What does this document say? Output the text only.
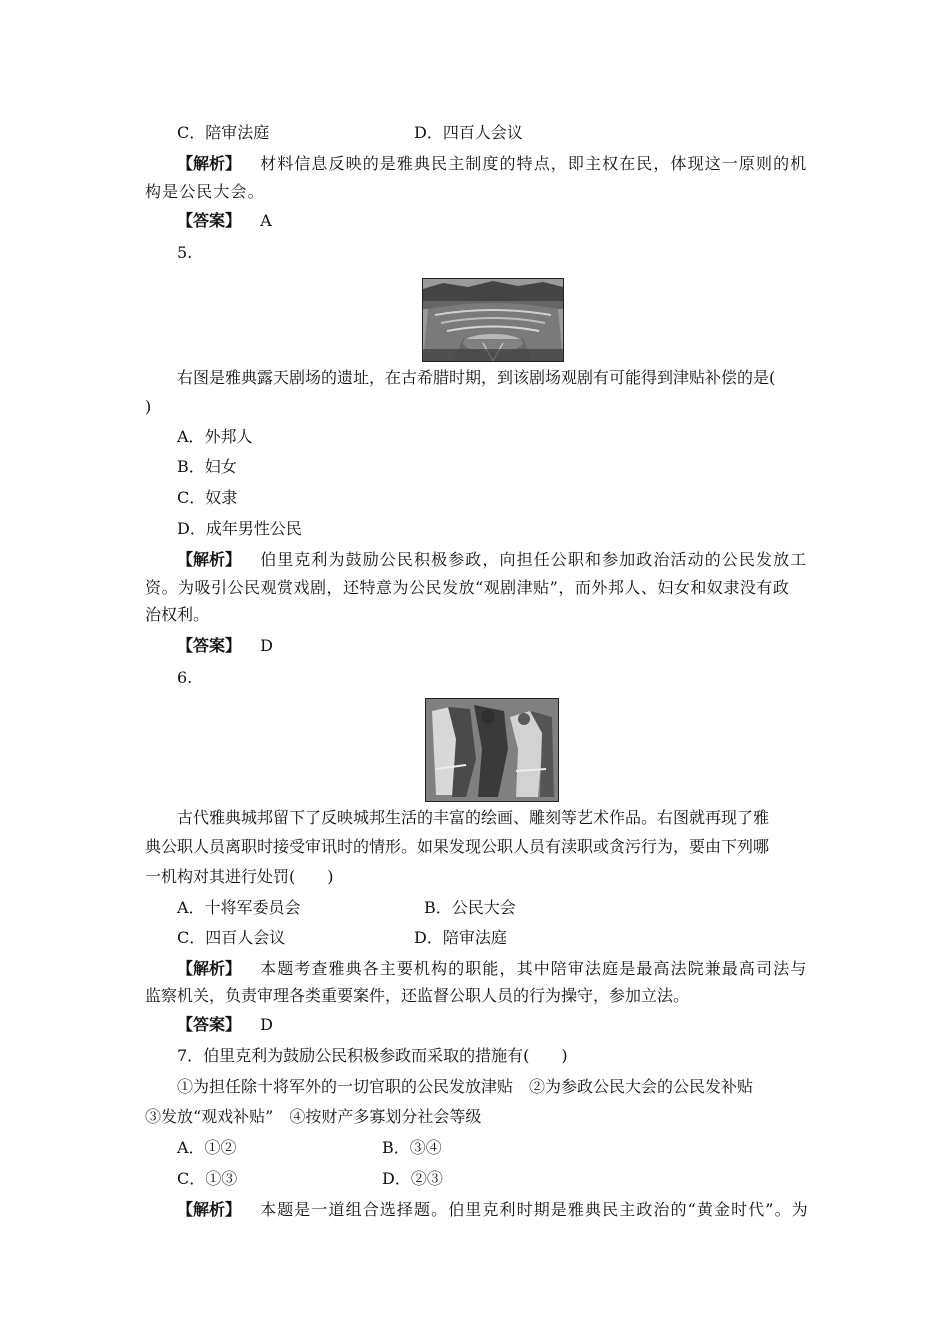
C．陪审法庭	D．四百人会议
【解析】 材料信息反映的是雅典民主制度的特点，即主权在民，体现这一原则的机
构是公民大会。
【答案】 A
5.
右图是雅典露天剧场的遗址，在古希腊时期，到该剧场观剧有可能得到津贴补偿的是(
)
A．外邦人
B．妇女
C．奴隶
D．成年男性公民
【解析】 伯里克利为鼓励公民积极参政，向担任公职和参加政治活动的公民发放工
资。为吸引公民观赏戏剧，还特意为公民发放“观剧津贴”，而外邦人、妇女和奴隶没有政
治权利。
【答案】 D
6.
古代雅典城邦留下了反映城邦生活的丰富的绘画、雕刻等艺术作品。右图就再现了雅
典公职人员离职时接受审讯时的情形。如果发现公职人员有渎职或贪污行为，要由下列哪
一机构对其进行处罚(　　)
A．十将军委员会	B．公民大会
C．四百人会议	D．陪审法庭
【解析】 本题考查雅典各主要机构的职能，其中陪审法庭是最高法院兼最高司法与
监察机关，负责审理各类重要案件，还监督公职人员的行为操守，参加立法。
【答案】 D
7．伯里克利为鼓励公民积极参政而采取的措施有(　　)
①为担任除十将军外的一切官职的公民发放津贴　②为参政公民大会的公民发补贴
③发放“观戏补贴”　④按财产多寡划分社会等级
A．①②	B．③④
C．①③	D．②③
【解析】 本题是一道组合选择题。伯里克利时期是雅典民主政治的“黄金时代”。为
